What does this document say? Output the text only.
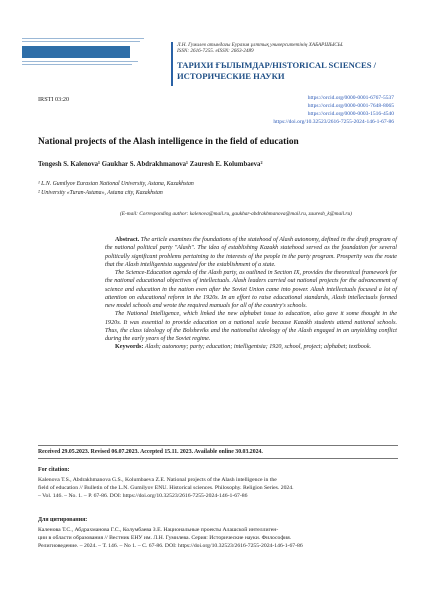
Л.Н. Гумилев атындағы Еуразия ұлттық университетінің ХАБАРШЫСЫ.
ISSN: 2616-7255. eISSN: 2663-2489
ТАРИХИ ҒЫЛЫМДАР/HISTORICAL SCIENCES /
ИСТОРИЧЕСКИЕ НАУКИ
IRSTI 03:20	https://orcid.org/0000-0001-6767-5537
https://orcid.org/0000-0001-7648-8065
https://orcid.org/0000-0003-1516-4540
https://doi.org/10.32523/2616-7255-2024-146-1-67-86
National projects of the Alash intelligence in the field of education
Tengesh S. Kalenova¹ Gaukhar S. Abdrakhmanova¹ Zauresh E. Kolumbaeva²
¹ L.N. Gumilyov Eurasian National University, Astana, Kazakhstan
² University «Turan-Astana», Astana city, Kazakhstan
(E-mail: Corresponding author: kalenova@mail.ru, gaukhar-abdrakhmanova@mail.ru, zauresh_k@mail.ru)

Abstract. The article examines the foundations of the statehood of Alash autonomy, defined in the draft program of the national political party "Alash". The idea of establishing Kazakh statehood served as the foundation for several politically significant problems pertaining to the interests of the people in the party program. Prosperity was the route that the Alash intelligentsia suggested for the establishment of a state.

The Science-Education agenda of the Alash party, as outlined in Section IX, provides the theoretical framework for the national educational objectives of intellectuals. Alash leaders carried out national projects for the advancement of science and education in the nation even after the Soviet Union came into power. Alash intellectuals focused a lot of attention on educational reform in the 1920s. In an effort to raise educational standards, Alash intellectuals formed new model schools and wrote the required manuals for all of the country's schools.

The National Intelligence, which linked the new alphabet issue to education, also gave it some thought in the 1920s. It was essential to provide education on a national scale because Kazakh students attend national schools. Thus, the class ideology of the Bolsheviks and the nationalist ideology of the Alash engaged in an unyielding conflict during the early years of the Soviet regime.

Keywords: Alash; autonomy; party; education; intelligentsia; 1920, school, project; alphabet; textbook.

Received 29.05.2023. Revised 06.07.2023. Accepted 15.11. 2023. Available online 30.03.2024.
For citation:
Kalenova T.S., Abdrakhmanova G.S., Kolumbaeva Z.E. National projects of the Alash intelligence in the
field of education // Bulletin of the L.N. Gumilyov ENU. Historical sciences. Philosophy. Religion Series. 2024.
– Vol. 146. – No. 1. – P. 67-86. DOI: https://doi.org/10.32523/2616-7255-2024-146-1-67-86
Для цитирования:
Каленова Т.С., Абдрахманова Г.С., Колумбаева З.Е. Национальные проекты Алашской интеллиген-
ции в области образования // Вестник ЕНУ им. Л.Н. Гумилева. Серия: Исторические науки. Философия.
Религиоведение. – 2024. – Т. 146. – No 1. – С. 67-86. DOI: https://doi.org/10.32523/2616-7255-2024-146-1-67-86
